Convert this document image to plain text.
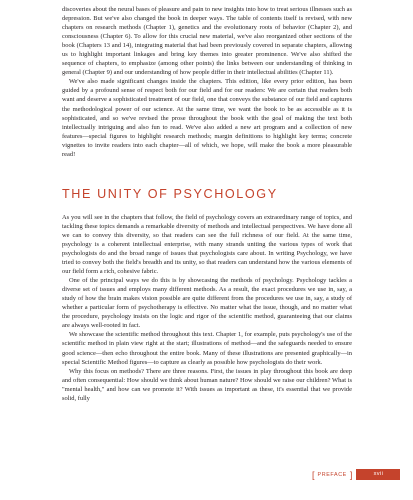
discoveries about the neural bases of pleasure and pain to new insights into how to treat serious illnesses such as depression. But we've also changed the book in deeper ways. The table of contents itself is revised, with new chapters on research methods (Chapter 1), genetics and the evolutionary roots of behavior (Chapter 2), and consciousness (Chapter 6). To allow for this crucial new material, we've also reorganized other sections of the book (Chapters 13 and 14), integrating material that had been previously covered in separate chapters, allowing us to highlight important linkages and bring key themes into greater prominence. We've also shifted the sequence of chapters, to emphasize (among other points) the links between our understanding of thinking in general (Chapter 9) and our understanding of how people differ in their intellectual abilities (Chapter 11).

We've also made significant changes inside the chapters. This edition, like every prior edition, has been guided by a profound sense of respect both for our field and for our readers: We are certain that readers both want and deserve a sophisticated treatment of our field, one that conveys the substance of our field and captures the methodological power of our science. At the same time, we want the book to be as accessible as it is sophisticated, and so we've revised the prose throughout the book with the goal of making the text both intellectually intriguing and also fun to read. We've also added a new art program and a collection of new features—special figures to highlight research methods; margin definitions to highlight key terms; concrete vignettes to invite readers into each chapter—all of which, we hope, will make the book a more pleasurable read!

THE UNITY OF PSYCHOLOGY

As you will see in the chapters that follow, the field of psychology covers an extraordinary range of topics, and tackling these topics demands a remarkable diversity of methods and intellectual perspectives. We have done all we can to convey this diversity, so that readers can see the full richness of our field. At the same time, psychology is a coherent intellectual enterprise, with many strands uniting the various types of work that psychologists do and the broad range of issues that psychologists care about. In writing Psychology, we have tried to convey both the field's breadth and its unity, so that readers can understand how the various elements of our field form a rich, cohesive fabric.

One of the principal ways we do this is by showcasing the methods of psychology. Psychology tackles a diverse set of issues and employs many different methods. As a result, the exact procedures we use in, say, a study of how the brain makes vision possible are quite different from the procedures we use in, say, a study of whether a particular form of psychotherapy is effective. No matter what the issue, though, and no matter what the procedure, psychology insists on the logic and rigor of the scientific method, guaranteeing that our claims are always well-rooted in fact.

We showcase the scientific method throughout this text. Chapter 1, for example, puts psychology's use of the scientific method in plain view right at the start; illustrations of method—and the safeguards needed to ensure good science—then echo throughout the entire book. Many of these illustrations are presented graphically—in special Scientific Method figures—to capture as clearly as possible how psychologists do their work.

Why this focus on methods? There are three reasons. First, the issues in play throughout this book are deep and often consequential: How should we think about human nature? How should we raise our children? What is "mental health," and how can we promote it? With issues as important as these, it's essential that we provide solid, fully

[ PREFACE ]	xvii
